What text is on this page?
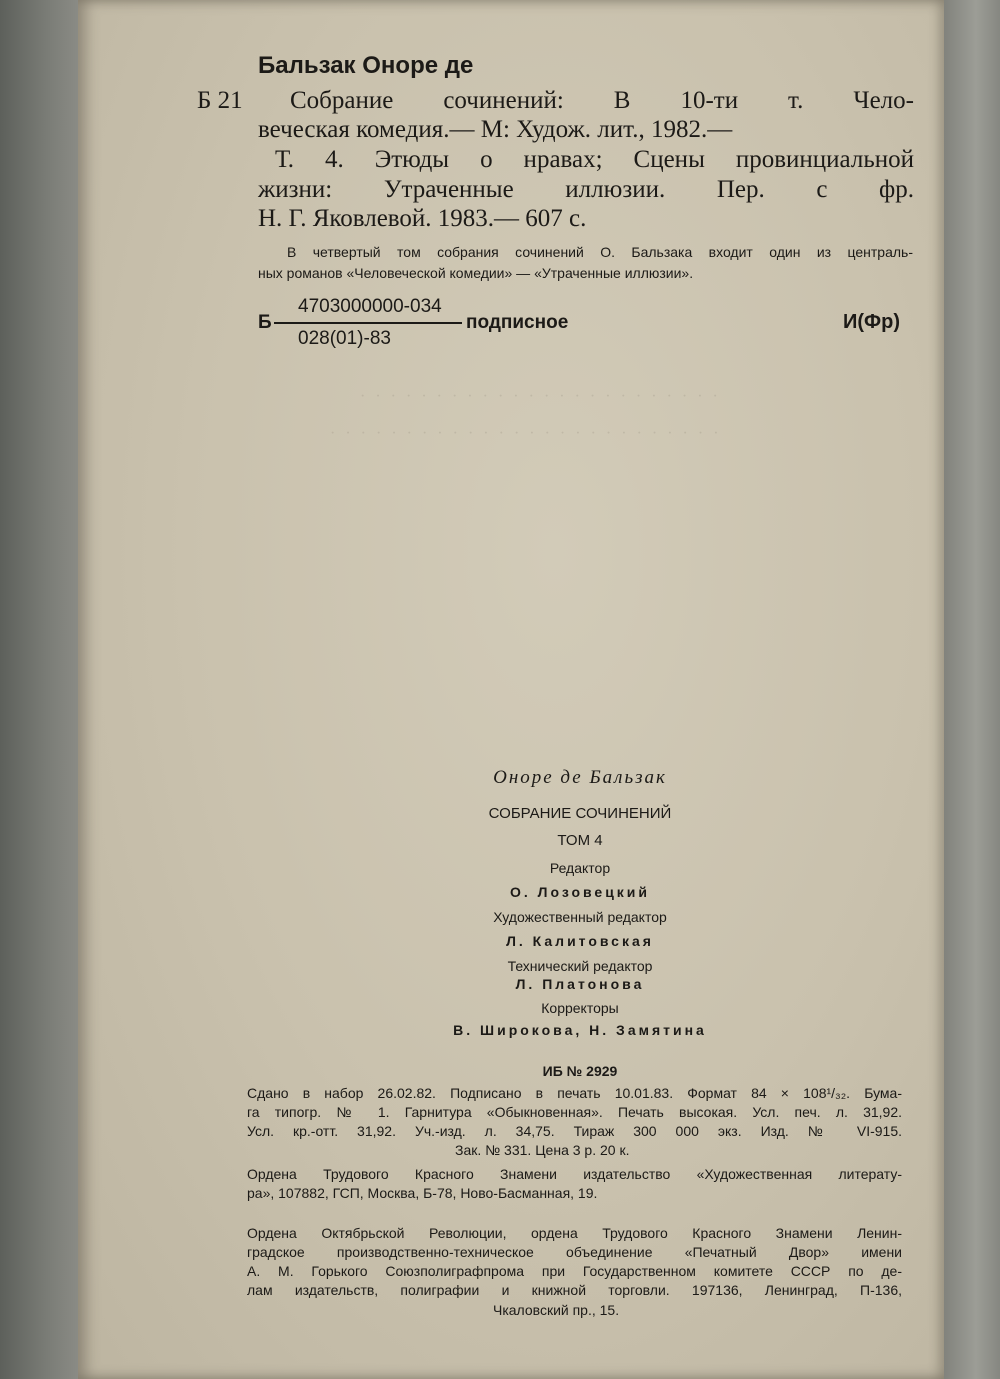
· · · · · · · · · · · · · · · · · · · · · · · ·
· · · · · · · · · · · · · · · · · · · · · · · · · ·
Бальзак Оноре де
Б 21 Собрание сочинений: В 10-ти т. Чело-
веческая комедия.— М: Худож. лит., 1982.—
Т. 4. Этюды о нравах; Сцены провинциальной
жизни: Утраченные иллюзии. Пер. с фр.
Н. Г. Яковлевой. 1983.— 607 с.
В четвертый том собрания сочинений О. Бальзака входит один из централь-
ных романов «Человеческой комедии» — «Утраченные иллюзии».
Б
4703000000-034
028(01)-83
подписное	И(Фр)
Оноре де Бальзак
СОБРАНИЕ СОЧИНЕНИЙ
ТОМ 4
Редактор
О. Лозовецкий
Художественный редактор
Л. Калитовская
Технический редактор
Л. Платонова
Корректоры
В. Широкова, Н. Замятина
ИБ № 2929
Сдано в набор 26.02.82. Подписано в печать 10.01.83. Формат 84 × 108¹/₃₂. Бума-
га типогр. № 1. Гарнитура «Обыкновенная». Печать высокая. Усл. печ. л. 31,92.
Усл. кр.-отт. 31,92. Уч.-изд. л. 34,75. Тираж 300 000 экз. Изд. № VI-915.
Зак. № 331. Цена 3 р. 20 к.
Ордена Трудового Красного Знамени издательство «Художественная литерату-
ра», 107882, ГСП, Москва, Б-78, Ново-Басманная, 19.
Ордена Октябрьской Революции, ордена Трудового Красного Знамени Ленин-
градское производственно-техническое объединение «Печатный Двор» имени
А. М. Горького Союзполиграфпрома при Государственном комитете СССР по де-
лам издательств, полиграфии и книжной торговли. 197136, Ленинград, П-136,
Чкаловский пр., 15.
